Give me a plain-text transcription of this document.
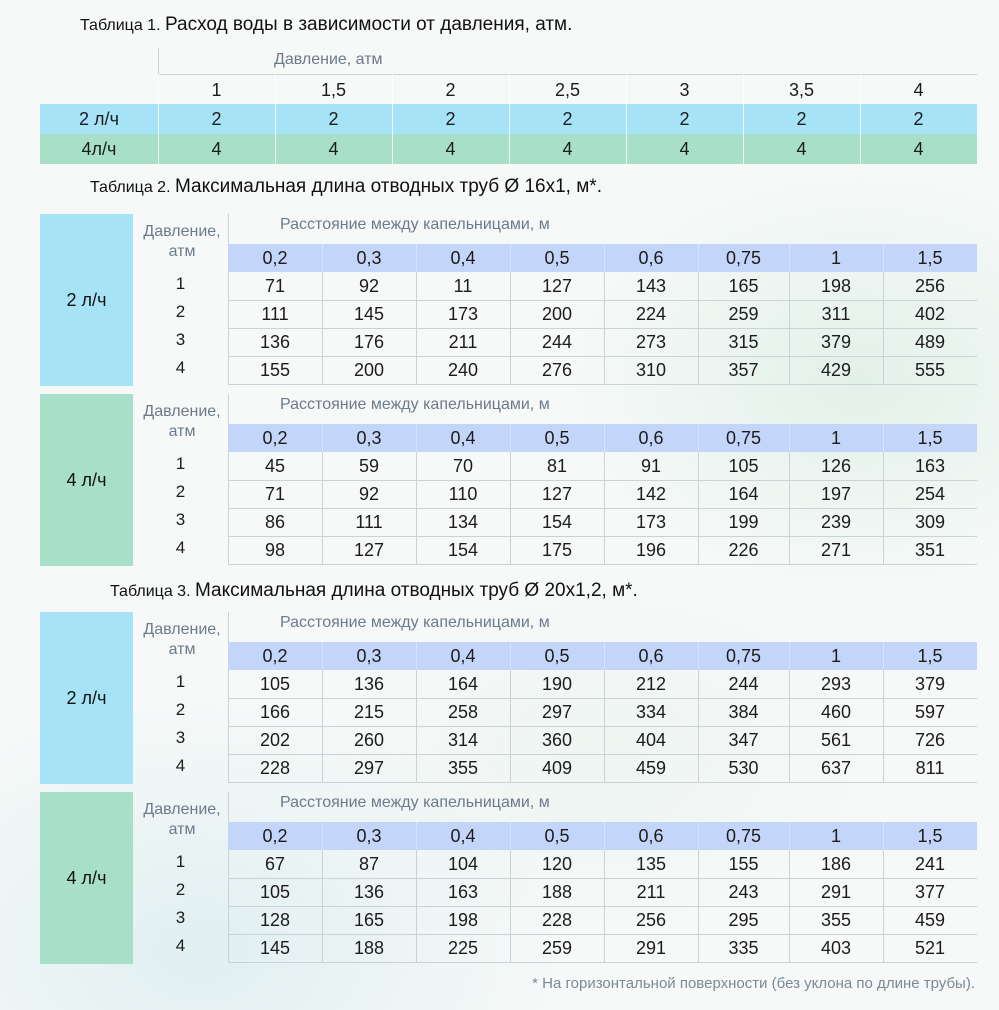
Таблица 1. Расход воды в зависимости от давления, атм.
Давление, атм
1	1,5	2	2,5	3	3,5	4
2 л/ч	2	2	2	2	2	2	2
4л/ч	4	4	4	4	4	4	4
Таблица 2. Максимальная длина отводных труб Ø 16х1, м*.
2 л/ч
Давление, атм
Расстояние между капельницами, м
0,2	0,3	0,4	0,5	0,6	0,75	1	1,5
1	71	92	11	127	143	165	198	256
2	111	145	173	200	224	259	311	402
3	136	176	211	244	273	315	379	489
4	155	200	240	276	310	357	429	555
4 л/ч
Давление, атм
Расстояние между капельницами, м
0,2	0,3	0,4	0,5	0,6	0,75	1	1,5
1	45	59	70	81	91	105	126	163
2	71	92	110	127	142	164	197	254
3	86	111	134	154	173	199	239	309
4	98	127	154	175	196	226	271	351
Таблица 3. Максимальная длина отводных труб Ø 20х1,2, м*.
2 л/ч
Давление, атм
Расстояние между капельницами, м
0,2	0,3	0,4	0,5	0,6	0,75	1	1,5
1	105	136	164	190	212	244	293	379
2	166	215	258	297	334	384	460	597
3	202	260	314	360	404	347	561	726
4	228	297	355	409	459	530	637	811
4 л/ч
Давление, атм
Расстояние между капельницами, м
0,2	0,3	0,4	0,5	0,6	0,75	1	1,5
1	67	87	104	120	135	155	186	241
2	105	136	163	188	211	243	291	377
3	128	165	198	228	256	295	355	459
4	145	188	225	259	291	335	403	521
* На горизонтальной поверхности (без уклона по длине трубы).
